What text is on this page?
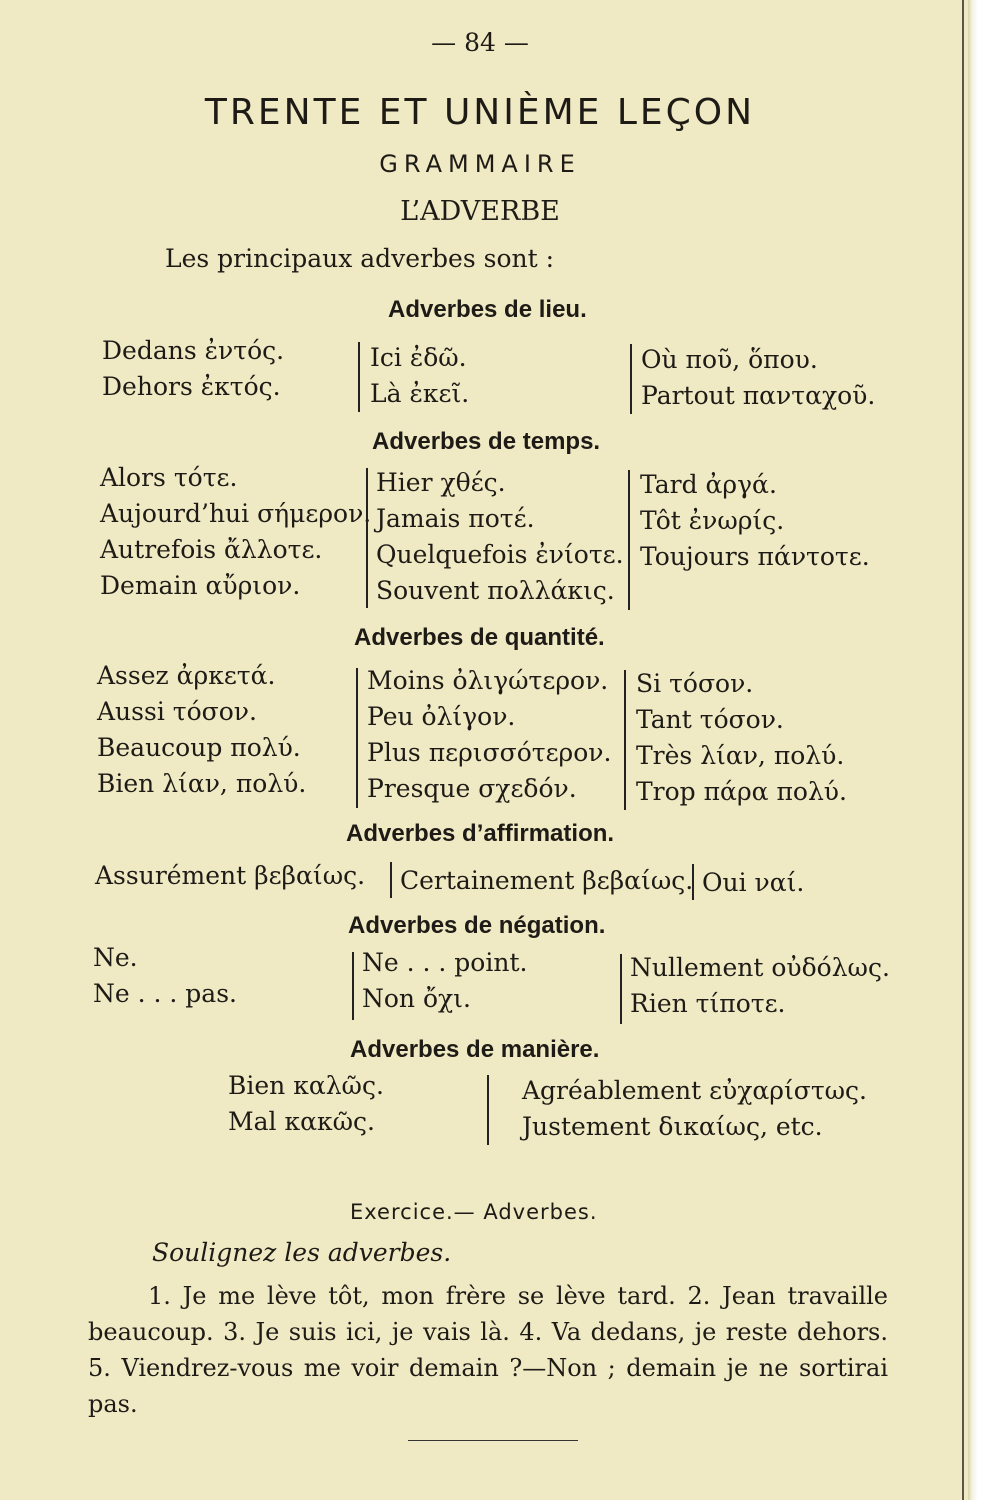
— 84 —
TRENTE ET UNIÈME LEÇON
GRAMMAIRE
L’ADVERBE
Les principaux adverbes sont :
Adverbes de lieu.
Dedans ἐντός.
Dehors ἐκτός.
Ici ἐδῶ.
Là ἐκεῖ.
Où ποῦ, ὅπου.
Partout πανταχοῦ.
Adverbes de temps.
Alors τότε.
Aujourd’hui σήμερον.
Autrefois ἄλλοτε.
Demain αὔριον.
Hier χθές.
Jamais ποτέ.
Quelquefois ἐνίοτε.
Souvent πολλάκις.
Tard ἀργά.
Tôt ἐνωρίς.
Toujours πάντοτε.
Adverbes de quantité.
Assez ἀρκετά.
Aussi τόσον.
Beaucoup πολύ.
Bien λίαν, πολύ.
Moins ὀλιγώτερον.
Peu ὀλίγον.
Plus περισσότερον.
Presque σχεδόν.
Si τόσον.
Tant τόσον.
Très λίαν, πολύ.
Trop πάρα πολύ.
Adverbes d’affirmation.
Assurément βεβαίως. Certainement βεβαίως. Oui ναί.
Adverbes de négation.
Ne.
Ne . . . pas.
Ne . . . point.
Non ὄχι.
Nullement οὐδόλως.
Rien τίποτε.
Adverbes de manière.
Bien καλῶς.
Mal κακῶς.
Agréablement εὐχαρίστως.
Justement δικαίως, etc.
Exercice.— Adverbes.
Soulignez les adverbes.
1. Je me lève tôt, mon frère se lève tard. 2. Jean travaille beaucoup. 3. Je suis ici, je vais là. 4. Va dedans, je reste dehors. 5. Viendrez-vous me voir demain ?—Non ; demain je ne sortirai pas.
